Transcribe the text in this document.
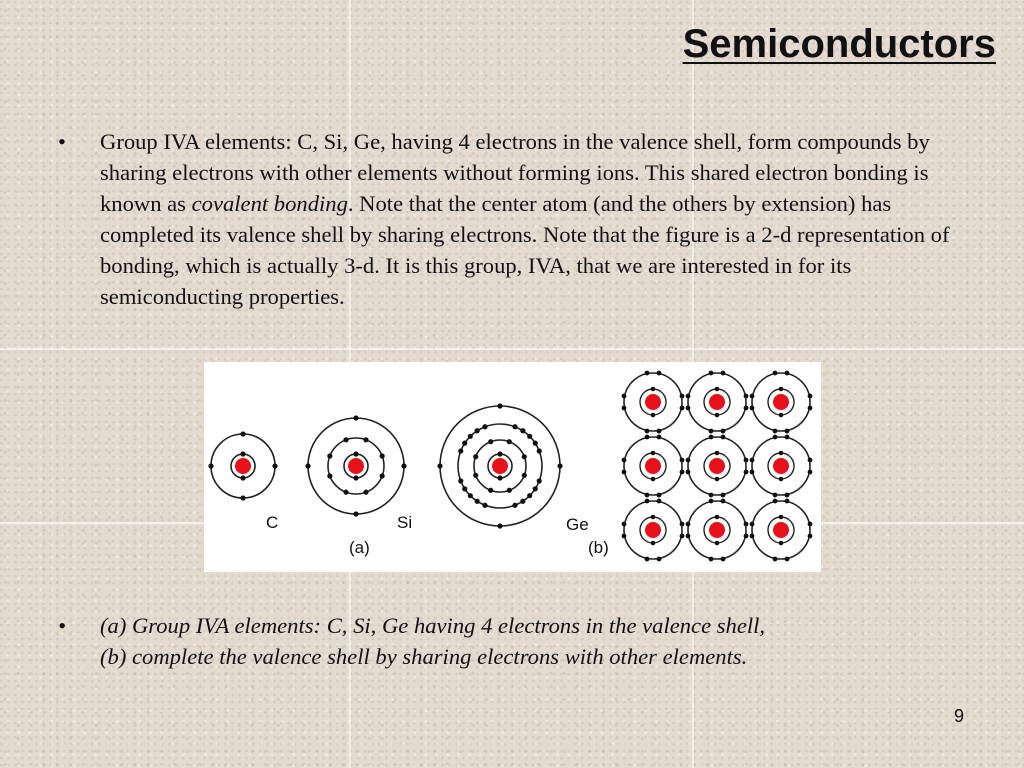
Semiconductors
• Group IVA elements: C, Si, Ge, having 4 electrons in the valence shell, form compounds by sharing electrons with other elements without forming ions. This shared electron bonding is known as covalent bonding. Note that the center atom (and the others by extension) has completed its valence shell by sharing electrons. Note that the figure is a 2-d representation of bonding, which is actually 3-d. It is this group, IVA, that we are interested in for its semiconducting properties.
C	Si	Ge
(a)	(b)
• (a) Group IVA elements: C, Si, Ge having 4 electrons in the valence shell,
(b) complete the valence shell by sharing electrons with other elements.
9
